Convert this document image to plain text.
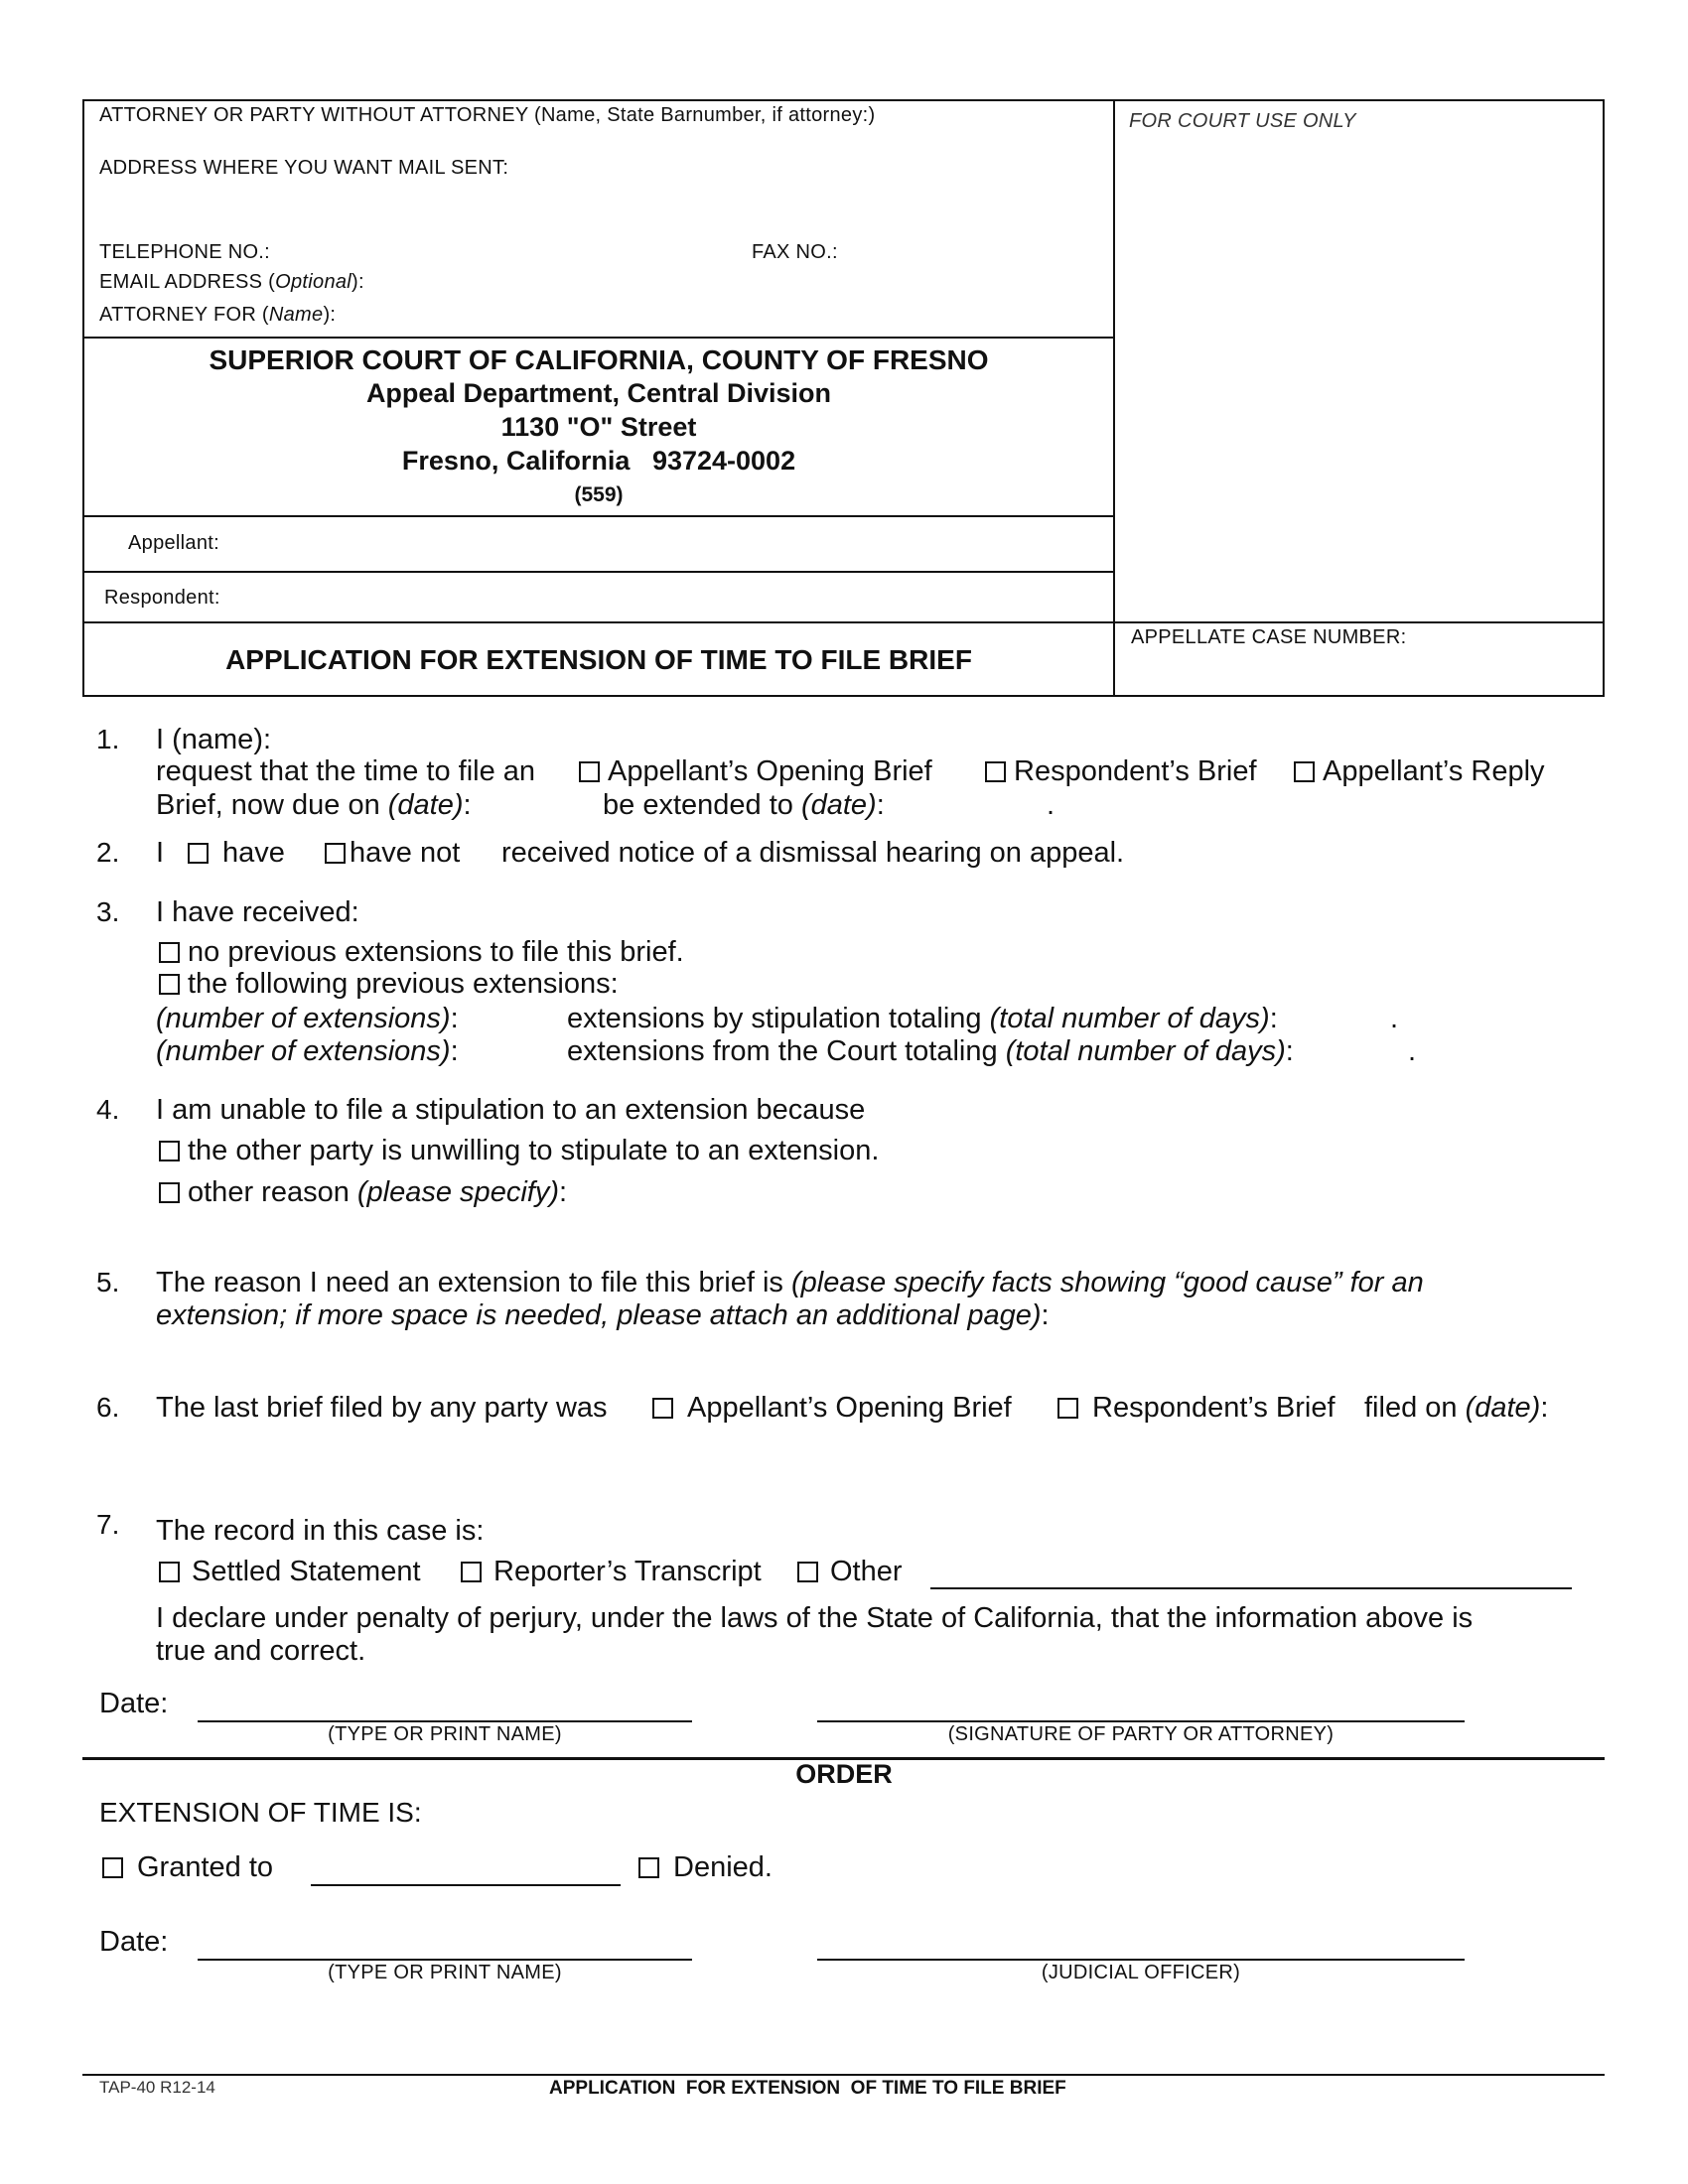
ATTORNEY OR PARTY WITHOUT ATTORNEY (Name, State Barnumber, if attorney:)
ADDRESS WHERE YOU WANT MAIL SENT:
TELEPHONE NO.:	FAX NO.:
EMAIL ADDRESS (Optional):
ATTORNEY FOR (Name):
FOR COURT USE ONLY
SUPERIOR COURT OF CALIFORNIA, COUNTY OF FRESNO
Appeal Department, Central Division
1130 "O" Street
Fresno, California   93724-0002
(559)
Appellant:
Respondent:
APPLICATION FOR EXTENSION OF TIME TO FILE BRIEF
APPELLATE CASE NUMBER:
1. I (name):
request that the time to file an	Appellant’s Opening Brief	Respondent’s Brief	Appellant’s Reply
Brief, now due on (date):	be extended to (date):	.
2. I	have	have not received notice of a dismissal hearing on appeal.
3. I have received:
no previous extensions to file this brief.
the following previous extensions:
(number of extensions):	extensions by stipulation totaling (total number of days):	.
(number of extensions):	extensions from the Court totaling (total number of days):	.
4. I am unable to file a stipulation to an extension because
the other party is unwilling to stipulate to an extension.
other reason (please specify):
5. The reason I need an extension to file this brief is (please specify facts showing “good cause” for an
extension; if more space is needed, please attach an additional page):
6. The last brief filed by any party was	Appellant’s Opening Brief	Respondent’s Brief filed on (date):
7. The record in this case is:
Settled Statement	Reporter’s Transcript	Other
I declare under penalty of perjury, under the laws of the State of California, that the information above is
true and correct.
Date:
(TYPE OR PRINT NAME)	(SIGNATURE OF PARTY OR ATTORNEY)
ORDER
EXTENSION OF TIME IS:
Granted to	Denied.
Date:
(TYPE OR PRINT NAME)	(JUDICIAL OFFICER)
TAP-40 R12-14	APPLICATION  FOR EXTENSION  OF TIME TO FILE BRIEF
